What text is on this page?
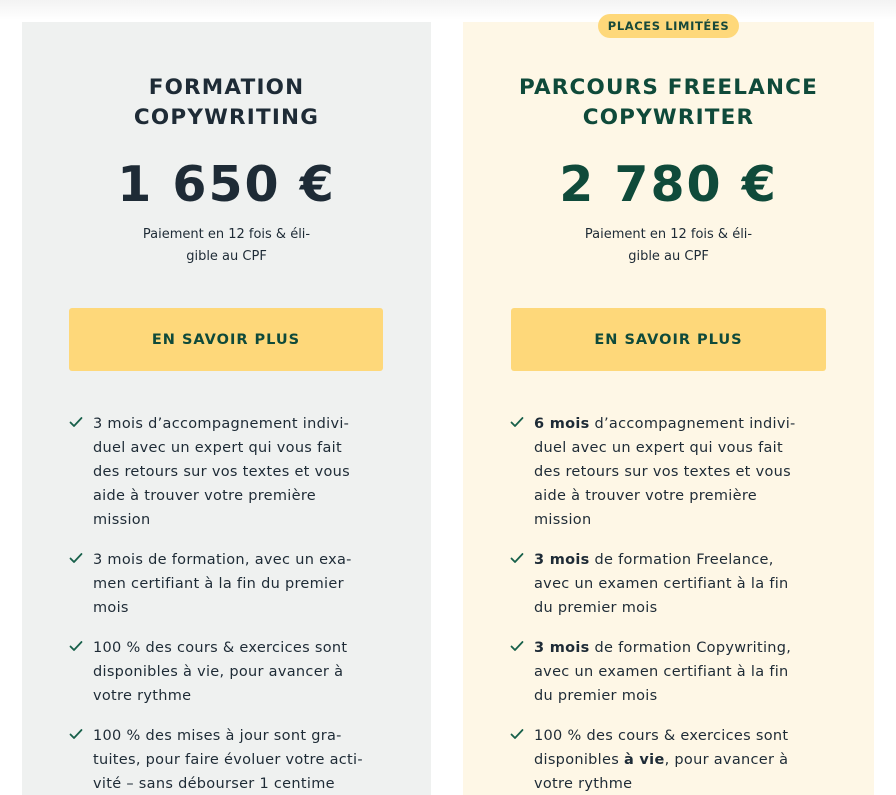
PLACES LIMITÉES
FORMATION
COPYWRITING
1 650 €
Paiement en 12 fois & éli-
gible au CPF
EN SAVOIR PLUS
3 mois d’accompagnement indivi-
duel avec un expert qui vous fait
des retours sur vos textes et vous
aide à trouver votre première
mission
3 mois de formation, avec un exa-
men certifiant à la fin du premier
mois
100 % des cours & exercices sont
disponibles à vie, pour avancer à
votre rythme
100 % des mises à jour sont gra-
tuites, pour faire évoluer votre acti-
vité – sans débourser 1 centime
PARCOURS FREELANCE
COPYWRITER
2 780 €
Paiement en 12 fois & éli-
gible au CPF
EN SAVOIR PLUS
6 mois d’accompagnement indivi-
duel avec un expert qui vous fait
des retours sur vos textes et vous
aide à trouver votre première
mission
3 mois de formation Freelance,
avec un examen certifiant à la fin
du premier mois
3 mois de formation Copywriting,
avec un examen certifiant à la fin
du premier mois
100 % des cours & exercices sont
disponibles à vie, pour avancer à
votre rythme
